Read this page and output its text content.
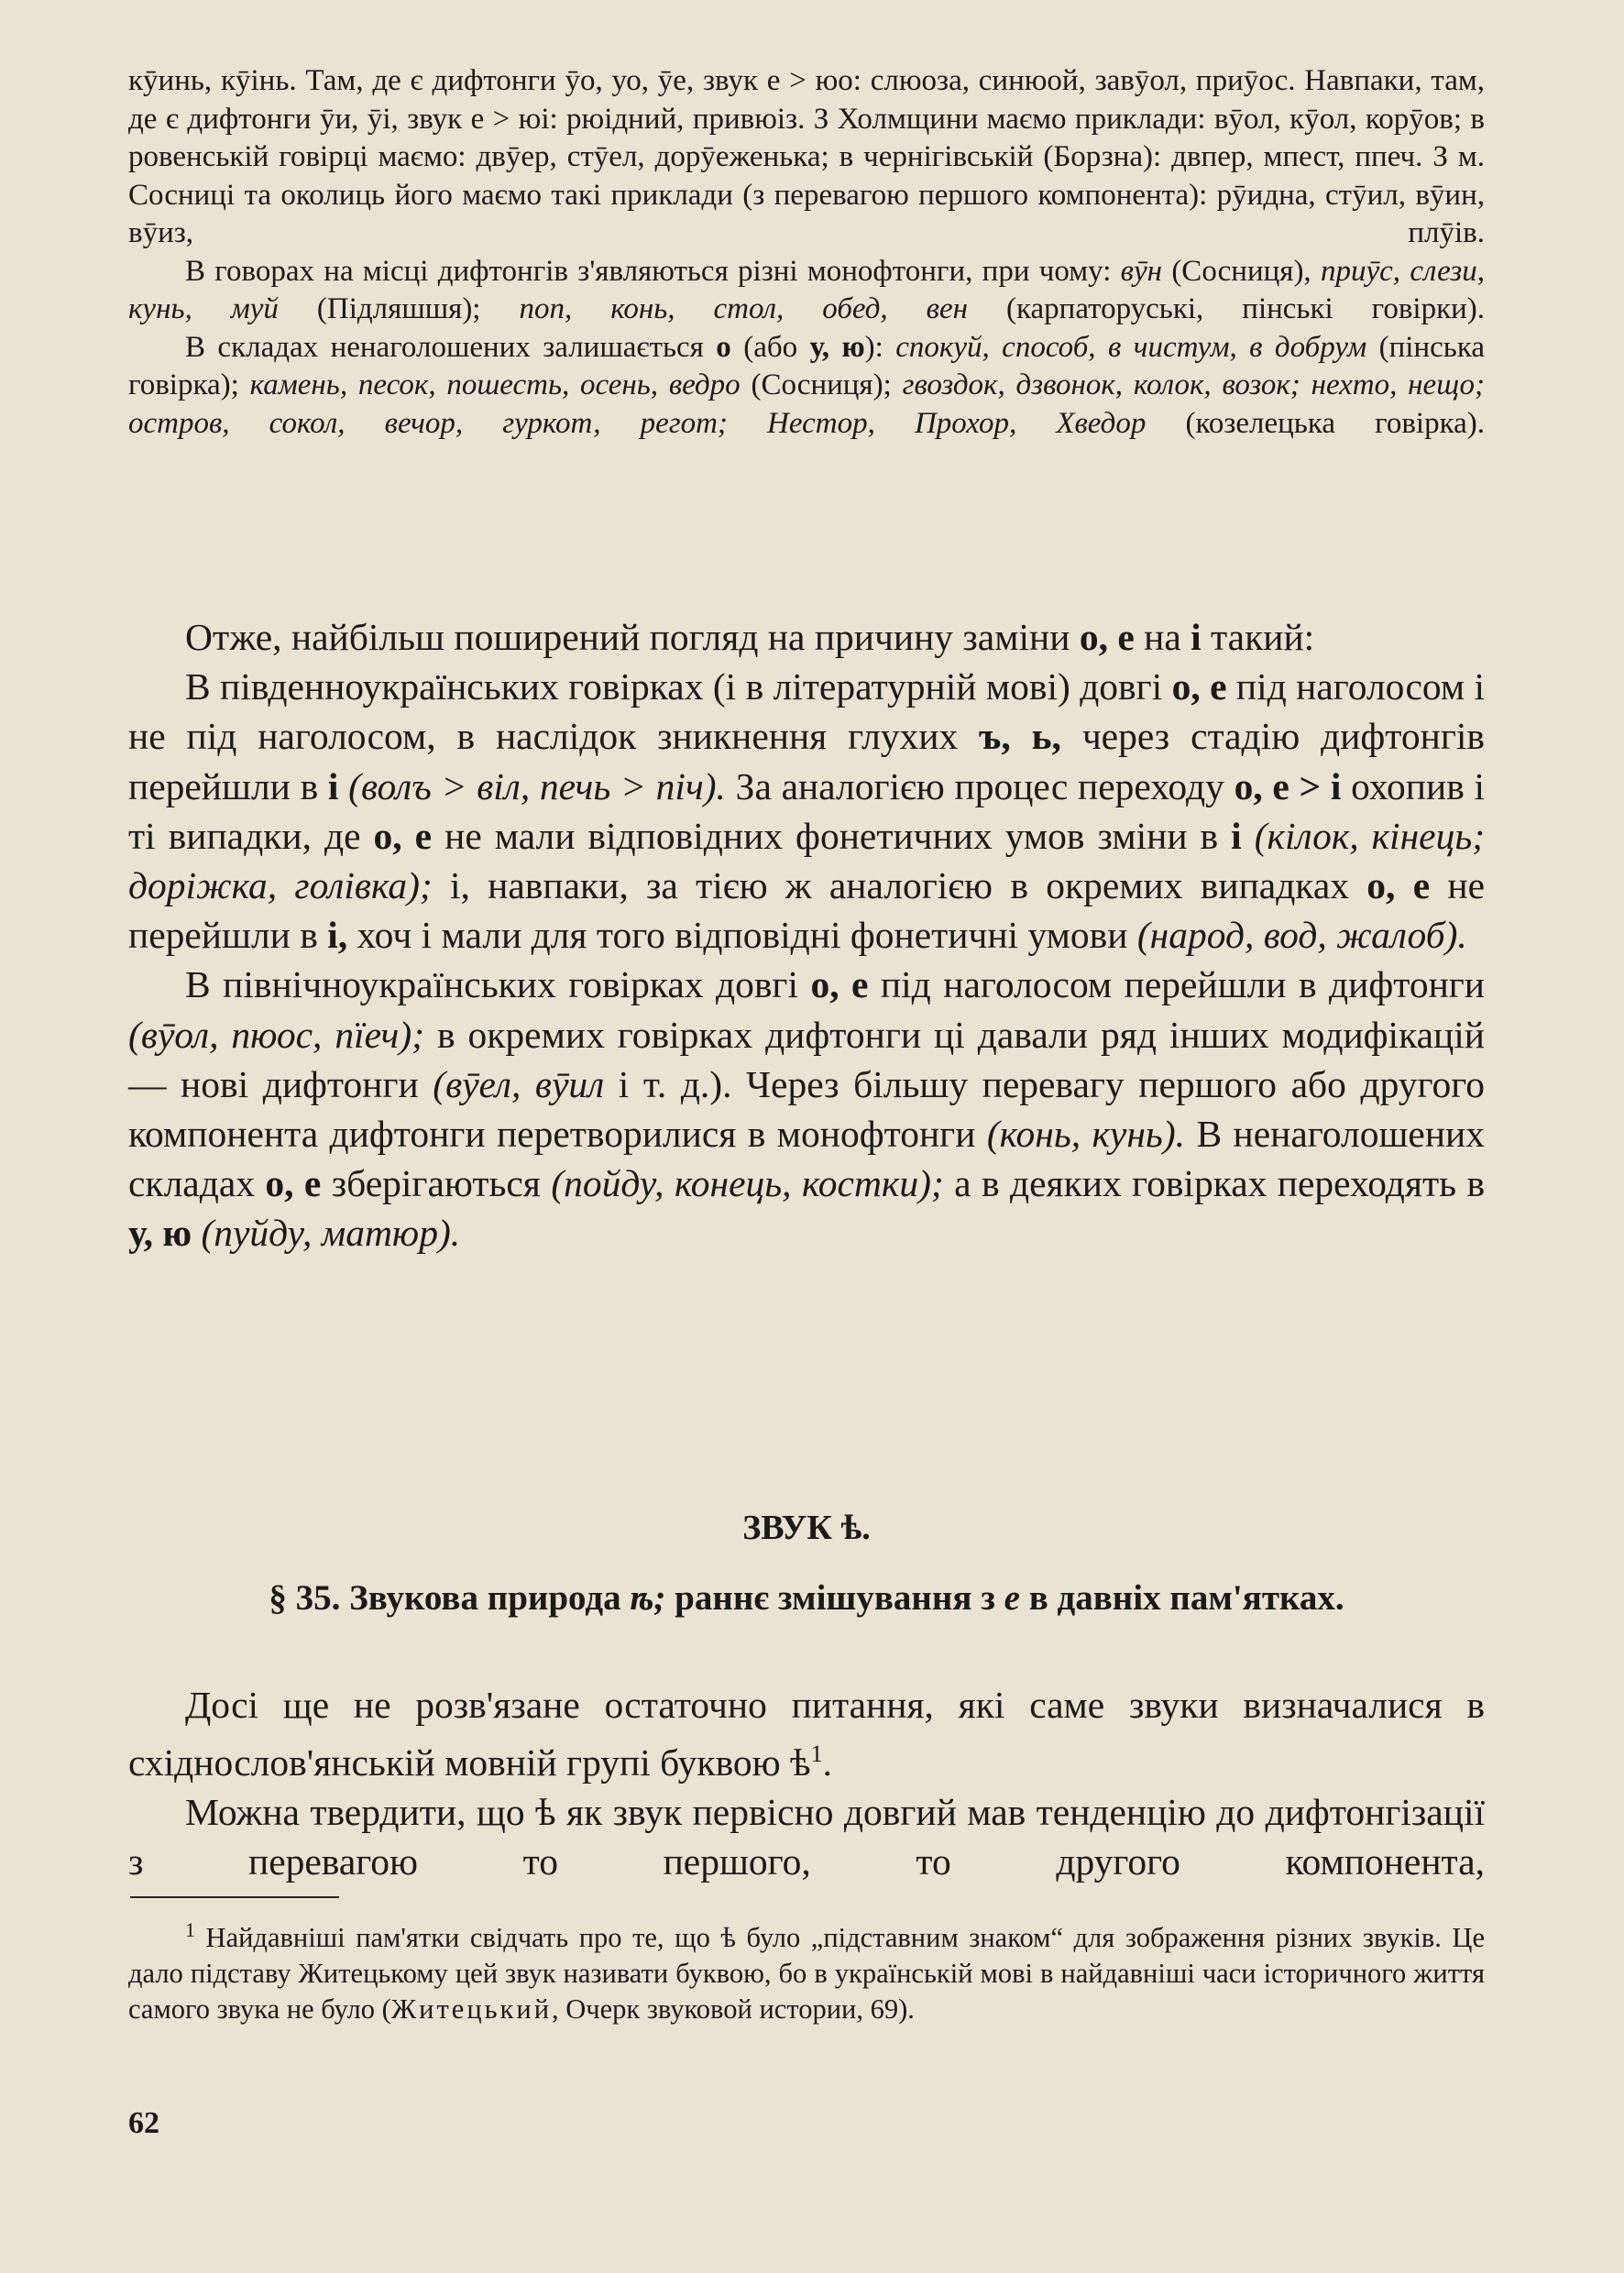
кӯинь, кӯінь. Там, де є дифтонги ӯо, уо, ӯе, звук е > юо: слюоза, синюой, завӯол, приӯос. Навпаки, там, де є дифтонги ӯи, ӯі, звук е > юі: рюідний, привюіз. З Холмщини маємо приклади: вӯол, кӯол, корӯов; в ровенській говірці маємо: двӯер, стӯел, дорӯеженька; в чернігівській (Борзна): двпер, мпест, ппеч. З м. Сосниці та околиць його маємо такі приклади (з перевагою першого компонента): рӯидна, стӯил, вӯин, вӯиз, плӯів.

В говорах на місці дифтонгів з'являються різні монофтонги, при чому: вӯн (Сосниця), приӯс, слези, кунь, муй (Підляшшя); поп, конь, стол, обед, вен (карпаторуські, пінські говірки).

В складах ненаголошених залишається о (або у, ю): спокуй, способ, в чистум, в добрум (пінська говірка); камень, песок, пошесть, осень, ведро (Сосниця); гвоздок, дзвонок, колок, возок; нехто, нещо; остров, сокол, вечор, гуркот, регот; Нестор, Прохор, Хведор (козелецька говірка).

Отже, найбільш поширений погляд на причину заміни о, е на і такий:

В південноукраїнських говірках (і в літературній мові) довгі о, е під наголосом і не під наголосом, в наслідок зникнення глухих ъ, ь, через стадію дифтонгів перейшли в і (волъ > віл, печь > піч). За аналогією процес переходу о, е > і охопив і ті випадки, де о, е не мали відповідних фонетичних умов зміни в і (кілок, кінець; доріжка, голівка); і, навпаки, за тією ж аналогією в окремих випадках о, е не перейшли в і, хоч і мали для того відповідні фонетичні умови (народ, вод, жалоб).

В північноукраїнських говірках довгі о, е під наголосом перейшли в дифтонги (вӯол, пюос, пїеч); в окремих говірках дифтонги ці давали ряд інших модифікацій — нові дифтонги (вӯел, вӯил і т. д.). Через більшу перевагу першого або другого компонента дифтонги перетворилися в монофтонги (конь, кунь). В ненаголошених складах о, е зберігаються (пойду, конець, костки); а в деяких говірках переходять в у, ю (пуйду, матюр).

ЗВУК ѣ.
§ 35. Звукова природа ѣ; раннє змішування з е в давніх пам'ятках.

Досі ще не розв'язане остаточно питання, які саме звуки визначалися в східнослов'янській мовній групі буквою $ѣ^1$.

Можна твердити, що ѣ як звук первісно довгий мав тенденцію до дифтонгізації з перевагою то першого, то другого компонента,

$^1$ Найдавніші пам'ятки свідчать про те, що ѣ було „підставним знаком“ для зображення різних звуків. Це дало підставу Житецькому цей звук називати буквою, бо в українській мові в найдавніші часи історичного життя самого звука не було (Житецький, Очерк звуковой истории, 69).

62
